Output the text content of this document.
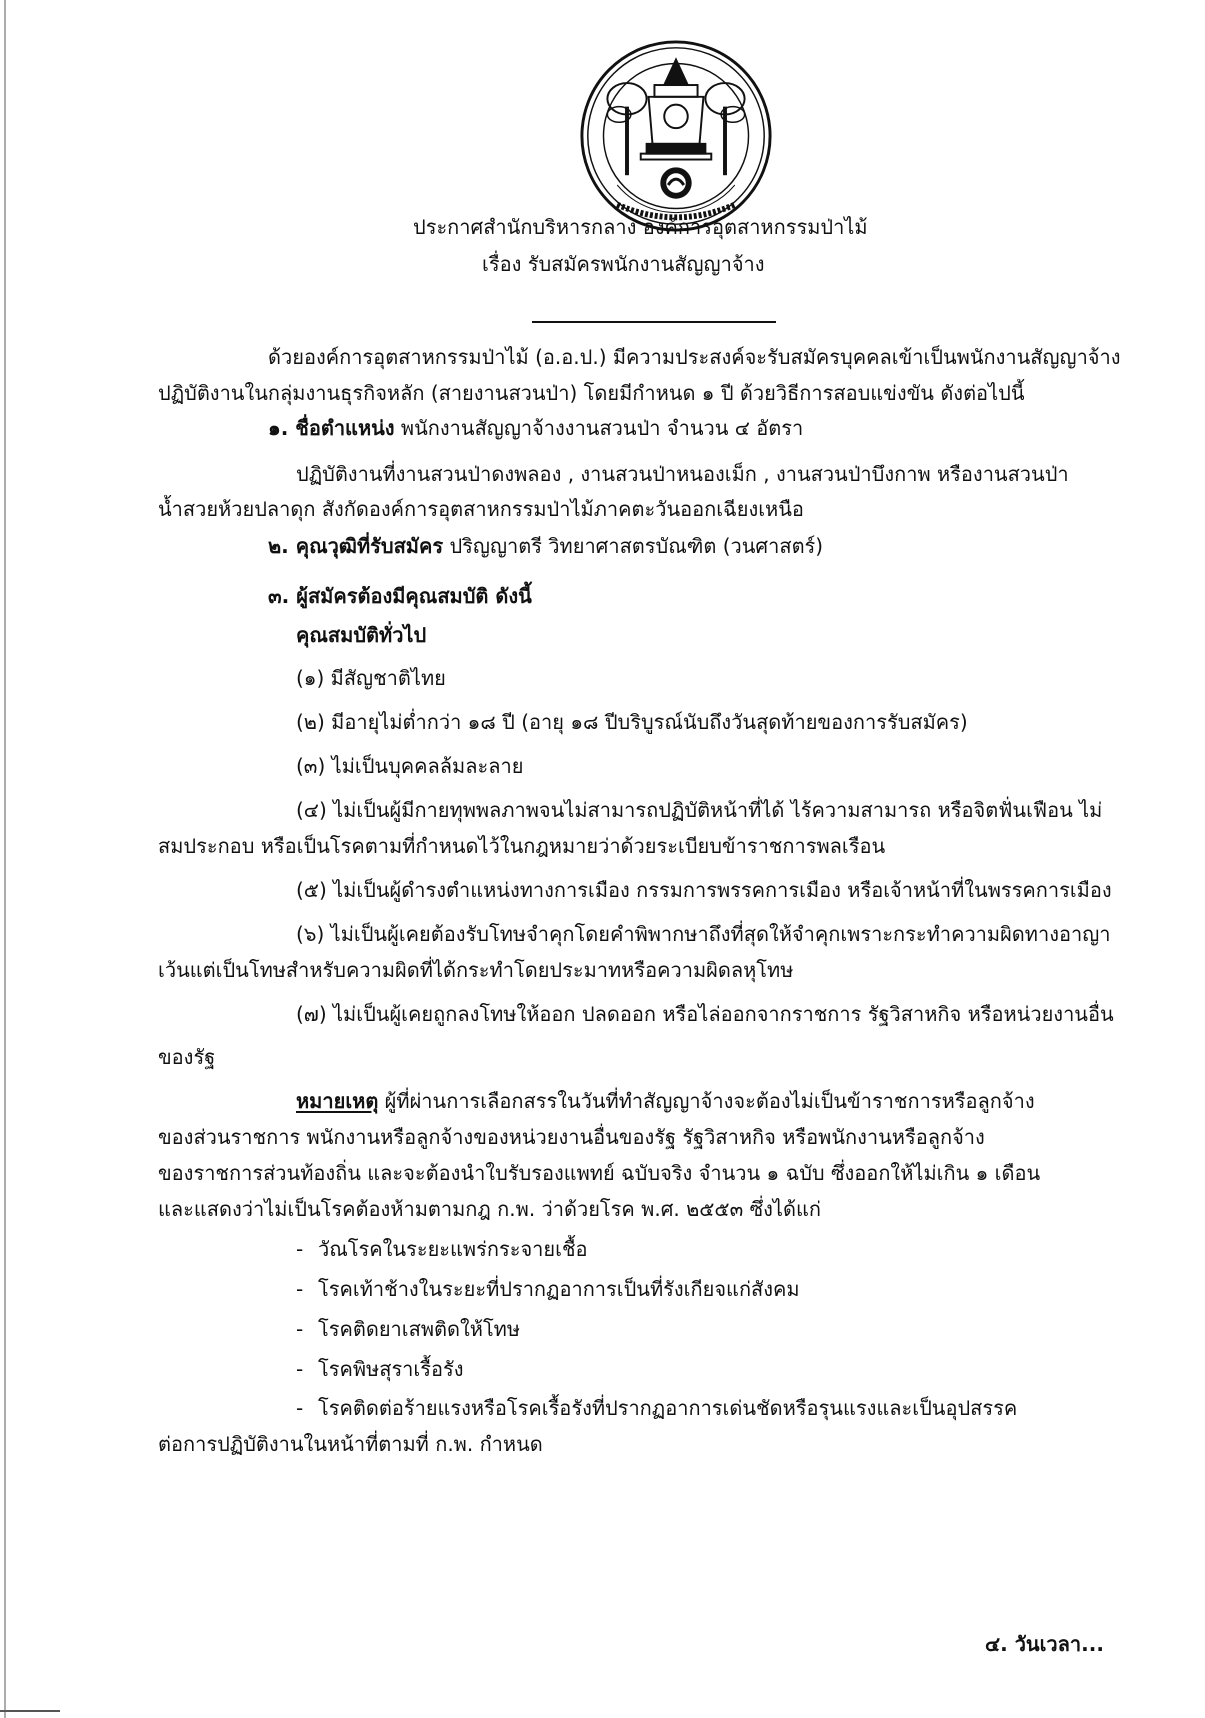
ประกาศสำนักบริหารกลาง องค์การอุตสาหกรรมป่าไม้
เรื่อง รับสมัครพนักงานสัญญาจ้าง
ด้วยองค์การอุตสาหกรรมป่าไม้ (อ.อ.ป.) มีความประสงค์จะรับสมัครบุคคลเข้าเป็นพนักงานสัญญาจ้าง
ปฏิบัติงานในกลุ่มงานธุรกิจหลัก (สายงานสวนป่า) โดยมีกำหนด ๑ ปี ด้วยวิธีการสอบแข่งขัน ดังต่อไปนี้
๑. ชื่อตำแหน่ง พนักงานสัญญาจ้างงานสวนป่า จำนวน ๔ อัตรา
ปฏิบัติงานที่งานสวนป่าดงพลอง , งานสวนป่าหนองเม็ก , งานสวนป่าบึงกาพ หรืองานสวนป่า
น้ำสวยห้วยปลาดุก สังกัดองค์การอุตสาหกรรมป่าไม้ภาคตะวันออกเฉียงเหนือ
๒. คุณวุฒิที่รับสมัคร ปริญญาตรี วิทยาศาสตรบัณฑิต (วนศาสตร์)
๓. ผู้สมัครต้องมีคุณสมบัติ ดังนี้
คุณสมบัติทั่วไป
(๑) มีสัญชาติไทย
(๒) มีอายุไม่ต่ำกว่า ๑๘ ปี (อายุ ๑๘ ปีบริบูรณ์นับถึงวันสุดท้ายของการรับสมัคร)
(๓) ไม่เป็นบุคคลล้มละลาย
(๔) ไม่เป็นผู้มีกายทุพพลภาพจนไม่สามารถปฏิบัติหน้าที่ได้ ไร้ความสามารถ หรือจิตฟั่นเฟือน ไม่
สมประกอบ หรือเป็นโรคตามที่กำหนดไว้ในกฎหมายว่าด้วยระเบียบข้าราชการพลเรือน
(๕) ไม่เป็นผู้ดำรงตำแหน่งทางการเมือง กรรมการพรรคการเมือง หรือเจ้าหน้าที่ในพรรคการเมือง
(๖) ไม่เป็นผู้เคยต้องรับโทษจำคุกโดยคำพิพากษาถึงที่สุดให้จำคุกเพราะกระทำความผิดทางอาญา
เว้นแต่เป็นโทษสำหรับความผิดที่ได้กระทำโดยประมาทหรือความผิดลหุโทษ
(๗) ไม่เป็นผู้เคยถูกลงโทษให้ออก ปลดออก หรือไล่ออกจากราชการ รัฐวิสาหกิจ หรือหน่วยงานอื่น
ของรัฐ
หมายเหตุ ผู้ที่ผ่านการเลือกสรรในวันที่ทำสัญญาจ้างจะต้องไม่เป็นข้าราชการหรือลูกจ้าง
ของส่วนราชการ พนักงานหรือลูกจ้างของหน่วยงานอื่นของรัฐ รัฐวิสาหกิจ หรือพนักงานหรือลูกจ้าง
ของราชการส่วนท้องถิ่น และจะต้องนำใบรับรองแพทย์ ฉบับจริง จำนวน ๑ ฉบับ ซึ่งออกให้ไม่เกิน ๑ เดือน
และแสดงว่าไม่เป็นโรคต้องห้ามตามกฎ ก.พ. ว่าด้วยโรค พ.ศ. ๒๕๕๓ ซึ่งได้แก่
- วัณโรคในระยะแพร่กระจายเชื้อ
- โรคเท้าช้างในระยะที่ปรากฏอาการเป็นที่รังเกียจแก่สังคม
- โรคติดยาเสพติดให้โทษ
- โรคพิษสุราเรื้อรัง
- โรคติดต่อร้ายแรงหรือโรคเรื้อรังที่ปรากฏอาการเด่นชัดหรือรุนแรงและเป็นอุปสรรค
ต่อการปฏิบัติงานในหน้าที่ตามที่ ก.พ. กำหนด
๔. วันเวลา...
